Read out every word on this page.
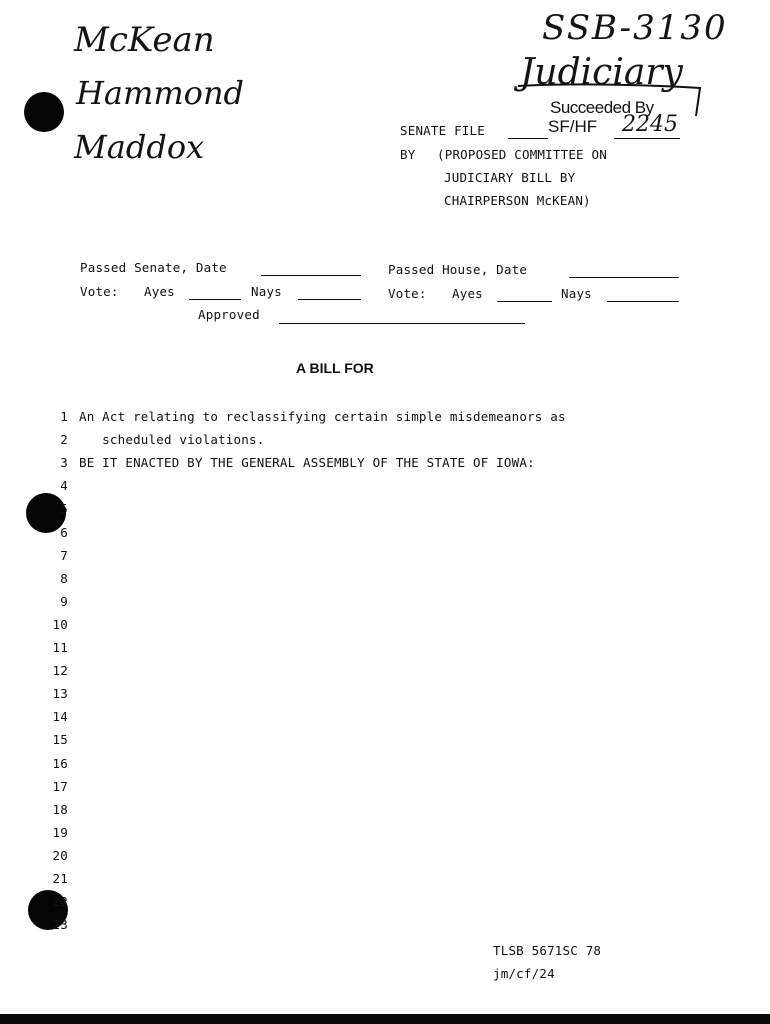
McKean
Hammond
Maddox
SSB-3130
Judiciary
Succeeded By
SENATE FILE	SF/HF 2245
BY (PROPOSED COMMITTEE ON
JUDICIARY BILL BY
CHAIRPERSON McKEAN)
Passed Senate, Date	Passed House, Date
Vote: Ayes	Nays	Vote: Ayes	Nays
Approved
A BILL FOR
1 An Act relating to reclassifying certain simple misdemeanors as
2 scheduled violations.
3 BE IT ENACTED BY THE GENERAL ASSEMBLY OF THE STATE OF IOWA:
4
5
6
7
8
9
10
11
12
13
14
15
16
17
18
19
20
21
22
23
TLSB 5671SC 78
jm/cf/24
